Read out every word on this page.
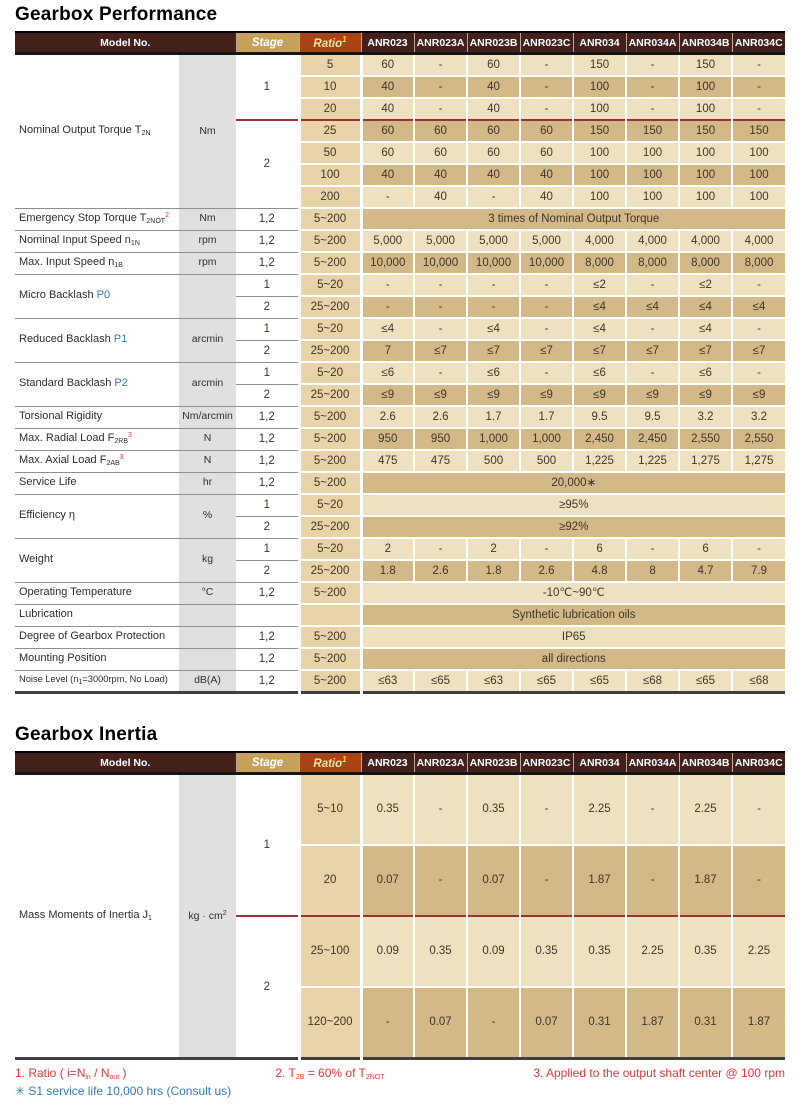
Gearbox Performance
Model No.		Stage	Ratio$^1$	ANR023	ANR023A	ANR023B	ANR023C	ANR034	ANR034A	ANR034B	ANR034C
Nominal Output Torque T2N	Nm	1	5	60	-	60	-	150	-	150	-
			10	40	-	40	-	100	-	100	-
			20	40	-	40	-	100	-	100	-
		2	25	60	60	60	60	150	150	150	150
			50	60	60	60	60	100	100	100	100
			100	40	40	40	40	100	100	100	100
			200	-	40	-	40	100	100	100	100
Emergency Stop Torque T2NOT$^2$	Nm	1,2	5~200	3 times of Nominal Output Torque							
Nominal Input Speed n1N	rpm	1,2	5~200	5,000	5,000	5,000	5,000	4,000	4,000	4,000	4,000
Max. Input Speed n1B	rpm	1,2	5~200	10,000	10,000	10,000	10,000	8,000	8,000	8,000	8,000
Micro Backlash P0		1	5~20	-	-	-	-	≤2	-	≤2	-
		2	25~200	-	-	-	-	≤4	≤4	≤4	≤4
Reduced Backlash P1	arcmin	1	5~20	≤4	-	≤4	-	≤4	-	≤4	-
		2	25~200	7	≤7	≤7	≤7	≤7	≤7	≤7	≤7
Standard Backlash P2	arcmin	1	5~20	≤6	-	≤6	-	≤6	-	≤6	-
		2	25~200	≤9	≤9	≤9	≤9	≤9	≤9	≤9	≤9
Torsional Rigidity	Nm/arcmin	1,2	5~200	2.6	2.6	1.7	1.7	9.5	9.5	3.2	3.2
Max. Radial Load $F2RB^3$	N	1,2	5~200	950	950	1,000	1,000	2,450	2,450	2,550	2,550
Max. Axial Load $F2AB^3$	N	1,2	5~200	475	475	500	500	1,225	1,225	1,275	1,275
Service Life	hr	1,2	5~200	20,000∗							
Efficiency η	%	1	5~20	≥95%							
		2	25~200	≥92%							
Weight	kg	1	5~20	2	-	2	-	6	-	6	-
		2	25~200	1.8	2.6	1.8	2.6	4.8	8	4.7	7.9
Operating Temperature	°C	1,2	5~200	-10℃~90℃							
Lubrication				Synthetic lubrication oils							
Degree of Gearbox Protection		1,2	5~200	IP65							
Mounting Position		1,2	5~200	all directions							
Noise Level ($n_1=3000rpm$, No Load)	dB(A)	1,2	5~200	≤63	≤65	≤63	≤65	≤65	≤68	≤65	≤68
Gearbox Inertia
Model No.		Stage	Ratio$^1$	ANR023	ANR023A	ANR023B	ANR023C	ANR034	ANR034A	ANR034B	ANR034C
Mass Moments of Inertia J1	kg · $cm^2$	1	5~10	0.35	-	0.35	-	2.25	-	2.25	-
			20	0.07	-	0.07	-	1.87	-	1.87	-
		2	25~100	0.09	0.35	0.09	0.35	0.35	2.25	0.35	2.25
			120~200	-	0.07	-	0.07	0.31	1.87	0.31	1.87
1. Ratio ( i=Nin / Nout )	2. T2B = 60% of T2NOT	3. Applied to the output shaft center @ 100 rpm
✳ S1 service life 10,000 hrs (Consult us)
